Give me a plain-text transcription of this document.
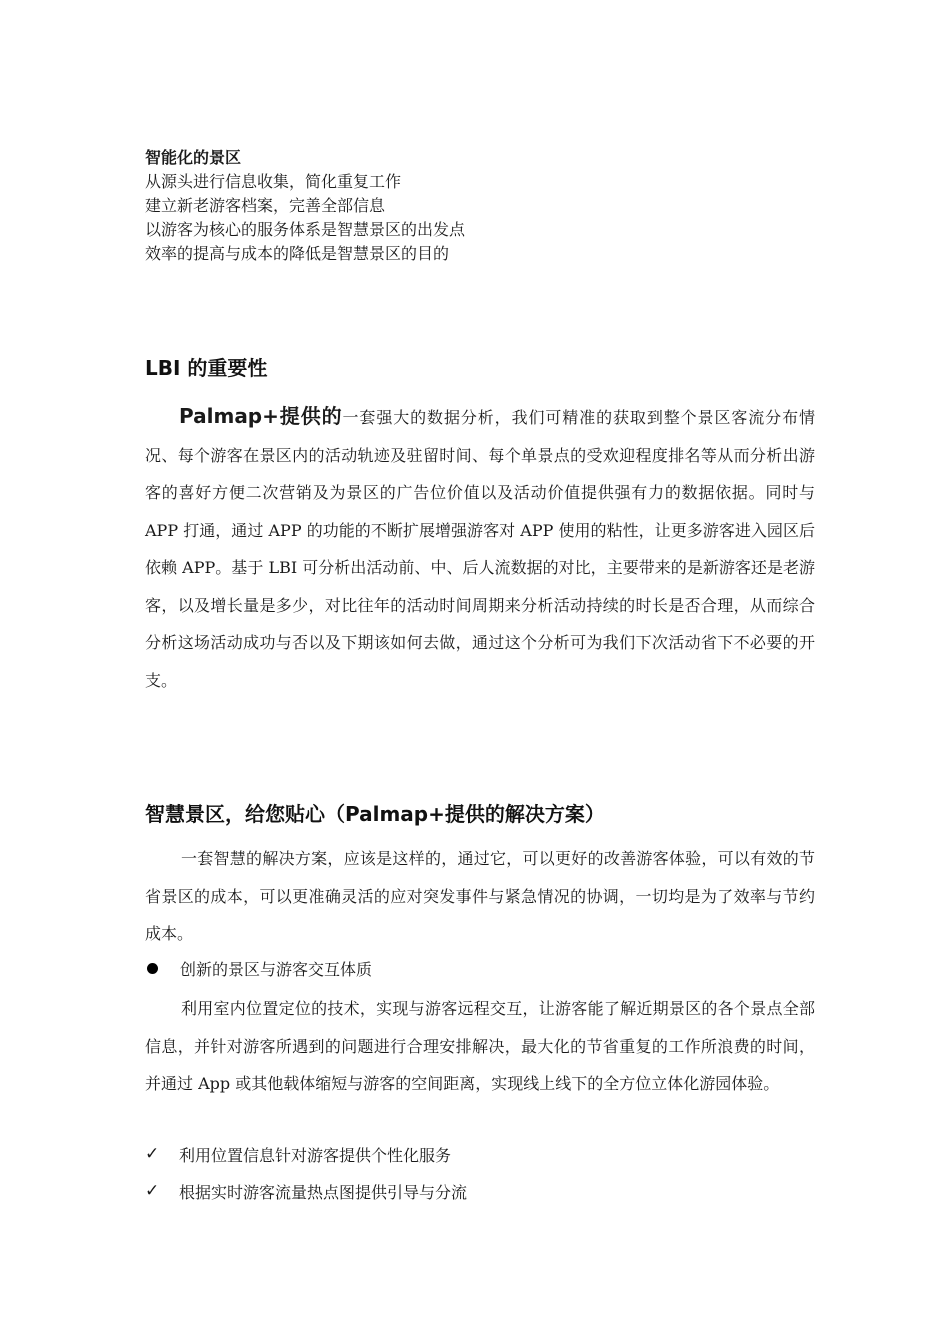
智能化的景区

从源头进行信息收集，简化重复工作

建立新老游客档案，完善全部信息

以游客为核心的服务体系是智慧景区的出发点

效率的提高与成本的降低是智慧景区的目的

LBI 的重要性

Palmap+提供的一套强大的数据分析，我们可精准的获取到整个景区客流分布情况、每个游客在景区内的活动轨迹及驻留时间、每个单景点的受欢迎程度排名等从而分析出游客的喜好方便二次营销及为景区的广告位价值以及活动价值提供强有力的数据依据。同时与 APP 打通，通过 APP 的功能的不断扩展增强游客对 APP 使用的粘性，让更多游客进入园区后依赖 APP。基于 LBI 可分析出活动前、中、后人流数据的对比，主要带来的是新游客还是老游客，以及增长量是多少，对比往年的活动时间周期来分析活动持续的时长是否合理，从而综合分析这场活动成功与否以及下期该如何去做，通过这个分析可为我们下次活动省下不必要的开支。

智慧景区，给您贴心（Palmap+提供的解决方案）

一套智慧的解决方案，应该是这样的，通过它，可以更好的改善游客体验，可以有效的节省景区的成本，可以更准确灵活的应对突发事件与紧急情况的协调，一切均是为了效率与节约成本。

创新的景区与游客交互体质

利用室内位置定位的技术，实现与游客远程交互，让游客能了解近期景区的各个景点全部信息，并针对游客所遇到的问题进行合理安排解决，最大化的节省重复的工作所浪费的时间，并通过 App 或其他载体缩短与游客的空间距离，实现线上线下的全方位立体化游园体验。

✓	利用位置信息针对游客提供个性化服务
✓	根据实时游客流量热点图提供引导与分流
